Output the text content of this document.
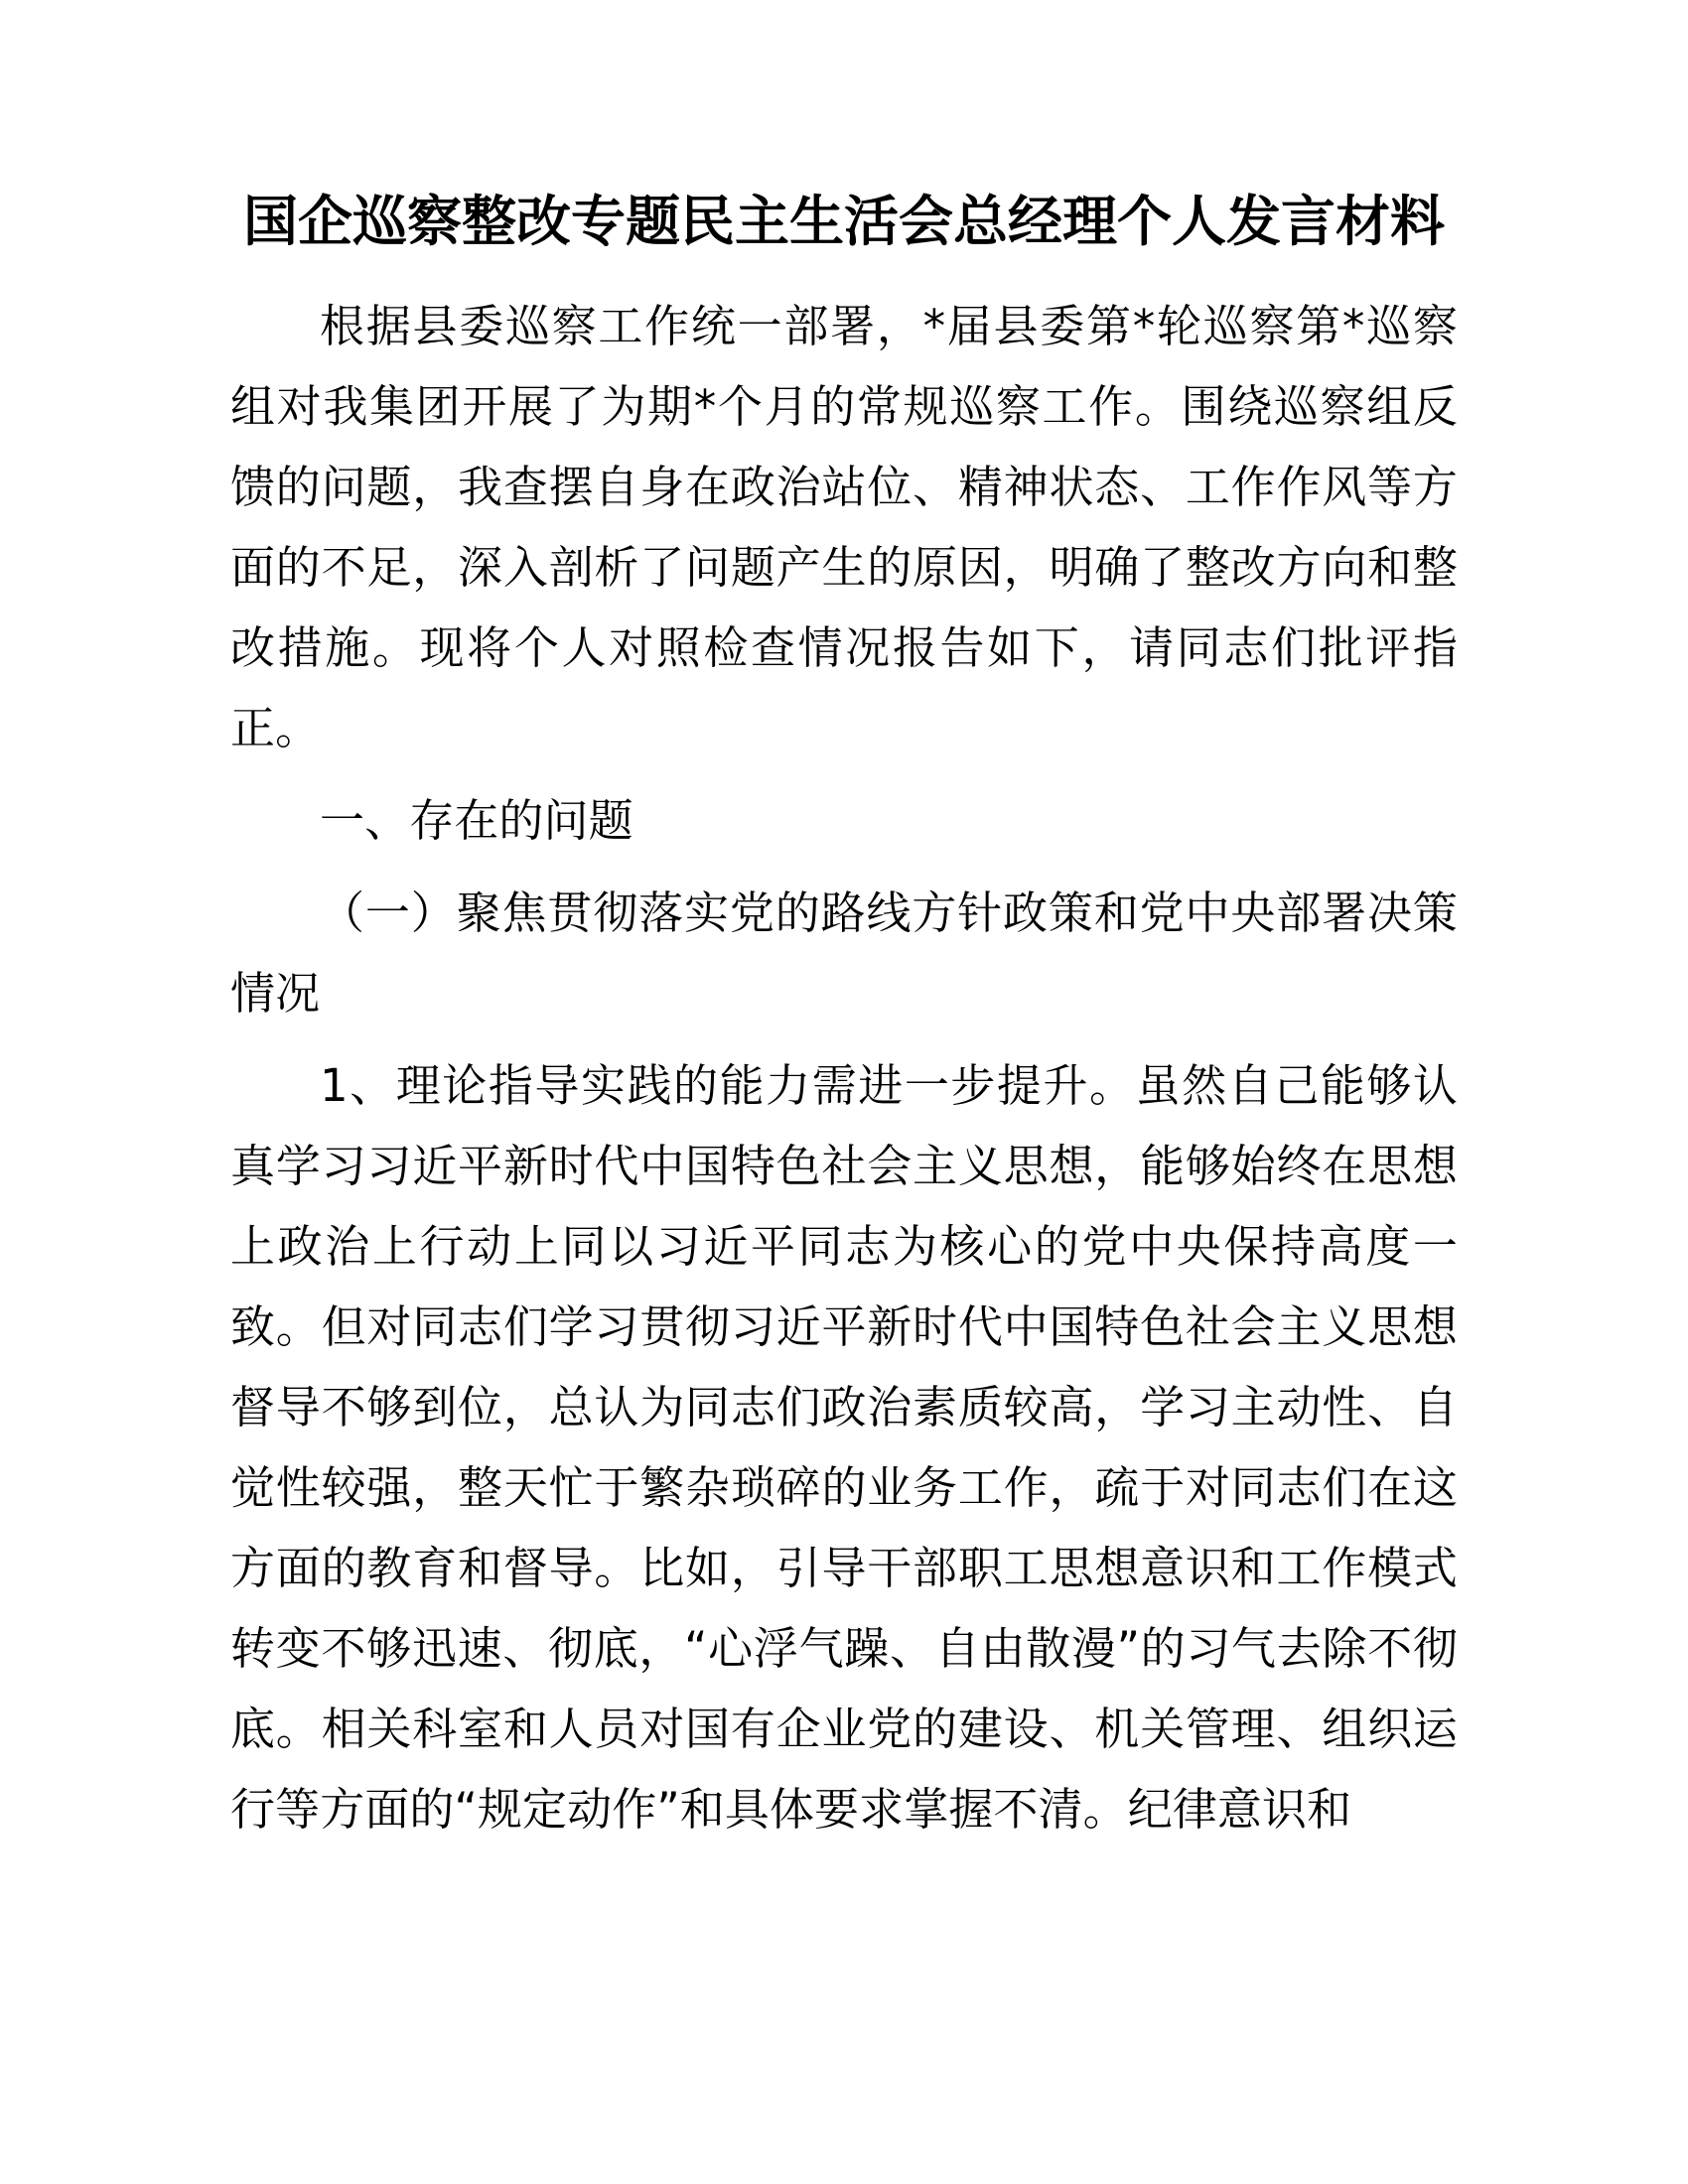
国企巡察整改专题民主生活会总经理个人发言材料

根据县委巡察工作统一部署，*届县委第*轮巡察第*巡察组对我集团开展了为期*个月的常规巡察工作。围绕巡察组反馈的问题，我查摆自身在政治站位、精神状态、工作作风等方面的不足，深入剖析了问题产生的原因，明确了整改方向和整改措施。现将个人对照检查情况报告如下，请同志们批评指正。

一、存在的问题

（一）聚焦贯彻落实党的路线方针政策和党中央部署决策情况

1、理论指导实践的能力需进一步提升。虽然自己能够认真学习习近平新时代中国特色社会主义思想，能够始终在思想上政治上行动上同以习近平同志为核心的党中央保持高度一致。但对同志们学习贯彻习近平新时代中国特色社会主义思想督导不够到位，总认为同志们政治素质较高，学习主动性、自觉性较强，整天忙于繁杂琐碎的业务工作，疏于对同志们在这方面的教育和督导。比如，引导干部职工思想意识和工作模式转变不够迅速、彻底，“心浮气躁、自由散漫”的习气去除不彻底。相关科室和人员对国有企业党的建设、机关管理、组织运行等方面的“规定动作”和具体要求掌握不清。纪律意识和
